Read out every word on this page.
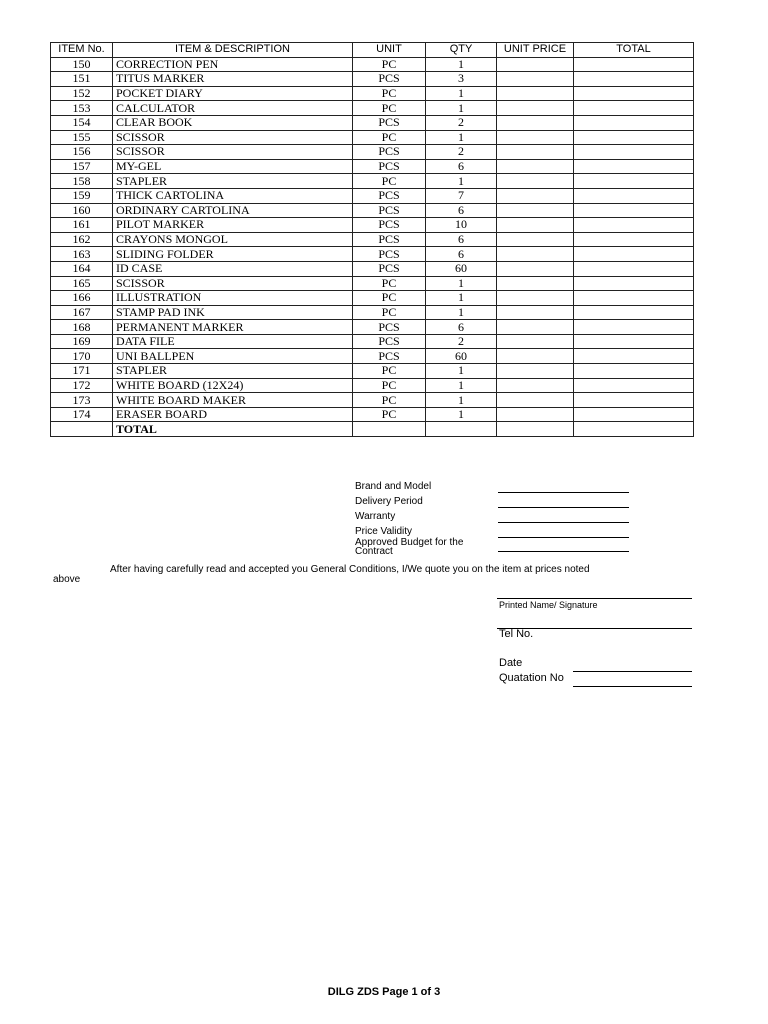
ITEM No.	ITEM & DESCRIPTION	UNIT	QTY	UNIT PRICE	TOTAL
150	CORRECTION PEN	PC	1		
151	TITUS MARKER	PCS	3		
152	POCKET DIARY	PC	1		
153	CALCULATOR	PC	1		
154	CLEAR BOOK	PCS	2		
155	SCISSOR	PC	1		
156	SCISSOR	PCS	2		
157	MY-GEL	PCS	6		
158	STAPLER	PC	1		
159	THICK CARTOLINA	PCS	7		
160	ORDINARY CARTOLINA	PCS	6		
161	PILOT MARKER	PCS	10		
162	CRAYONS MONGOL	PCS	6		
163	SLIDING FOLDER	PCS	6		
164	ID CASE	PCS	60		
165	SCISSOR	PC	1		
166	ILLUSTRATION	PC	1		
167	STAMP PAD INK	PC	1		
168	PERMANENT MARKER	PCS	6		
169	DATA FILE	PCS	2		
170	UNI BALLPEN	PCS	60		
171	STAPLER	PC	1		
172	WHITE BOARD (12X24)	PC	1		
173	WHITE BOARD MAKER	PC	1		
174	ERASER BOARD	PC	1		
	TOTAL				
Brand and Model
Delivery Period
Warranty
Price Validity
Approved Budget for the
Contract
After having carefully read and accepted you General Conditions, I/We quote you on the item at prices noted
above
Printed Name/ Signature
Tel No.
Date
Quatation No
DILG ZDS Page 1 of 3
